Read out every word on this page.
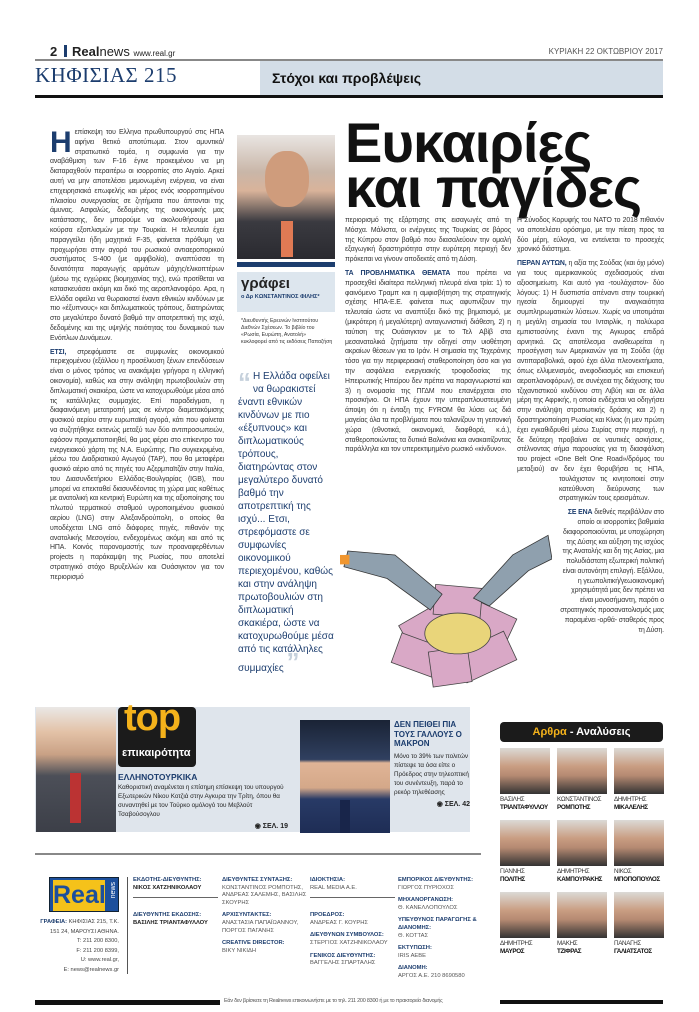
2 Realnews www.real.gr	ΚΥΡΙΑΚΗ 22 ΟΚΤΩΒΡΙΟΥ 2017
ΚΗΦΙΣΙΑΣ 215	Στόχοι και προβλέψεις

Ηεπίσκεψη του Ελληνα πρωθυπουργού στις ΗΠΑ αφήνει θετικό αποτύπωμα. Στον αμυντικό/στρατιωτικό τομέα, η συμφωνία για την αναβάθμιση των F-16 έγινε προκειμένου να μη διαταραχθούν περαιτέρω οι ισορροπίες στο Αιγαίο. Αρκεί αυτή να μην αποτελέσει μεμονωμένη ενέργεια, να είναι επιχειρησιακά επωφελής και μέρος ενός ισορροπημένου πλαισίου συνεργασίας σε ζητήματα που άπτονται της άμυνας. Ασφαλώς, δεδομένης της οικονομικής μας κατάστασης, δεν μπορούμε να ακολουθήσουμε μια κούρσα εξοπλισμών με την Τουρκία. Η τελευταία έχει παραγγείλει ήδη μαχητικά F-35, φαίνεται πρόθυμη να προχωρήσει στην αγορά του ρωσικού αντιαεροπορικού συστήματος S-400 (με αμφιβολία), αναπτύσσει τη δυνατότητα παραγωγής αρμάτων μάχης/ελικοπτέρων (μέσω της εγχώριας βιομηχανίας της), ενώ προτίθεται να κατασκευάσει ακόμη και δικό της αεροπλανοφόρο. Αρα, η Ελλάδα οφείλει να θωρακιστεί έναντι εθνικών κινδύνων με πιο «έξυπνους» και διπλωματικούς τρόπους, διατηρώντας στο μεγαλύτερο δυνατό βαθμό την αποτρεπτική της ισχύ, δεδομένης και της υψηλής ποιότητας του δυναμικού των Ενόπλων Δυνάμεων.

ΕΤΣΙ, στρεφόμαστε σε συμφωνίες οικονομικού περιεχομένου (εξάλλου η προσέλκυση ξένων επενδύσεων είναι ο μόνος τρόπος να ανακάμψει γρήγορα η ελληνική οικονομία), καθώς και στην ανάληψη πρωτοβουλιών στη διπλωματική σκακιέρα, ώστε να κατοχυρωθούμε μέσα από τις κατάλληλες συμμαχίες. Επί παραδείγματι, η διαφαινόμενη μετατροπή μας σε κέντρο διαμετακόμισης φυσικού αερίου στην ευρωπαϊκή αγορά, κάτι που φαίνεται να συζητήθηκε εκτενώς μεταξύ των δύο αντιπροσωπειών, εφόσον πραγματοποιηθεί, θα μας φέρει στο επίκεντρο του ενεργειακού χάρτη της Ν.Α. Ευρώπης. Πιο συγκεκριμένα, μέσω του Διαδριατικού Αγωγού (TAP), που θα μεταφέρει φυσικό αέριο από τις πηγές του Αζερμπαϊτζάν στην Ιταλία, του Διασυνδετήριου Ελλάδας-Βουλγαρίας (IGB), που μπορεί να επεκταθεί διασυνδέοντας τη χώρα μας καθέτως με ανατολική και κεντρική Ευρώπη και της αξιοποίησης του πλωτού τερματικού σταθμού υγροποιημένου φυσικού αερίου (LNG) στην Αλεξανδρούπολη, ο οποίος θα υποδέχεται LNG από διάφορες πηγές, πιθανόν της ανατολικής Μεσογείου, ενδεχομένως ακόμη και από τις ΗΠΑ. Κοινός παρονομαστής των προαναφερθέντων projects η παράκαμψη της Ρωσίας, που αποτελεί στρατηγικό στόχο Βρυξελλών και Ουάσιγκτον για τον περιορισμό

γράφει
ο Δρ ΚΩΝΣΤΑΝΤΙΝΟΣ ΦΙΛΗΣ*
*Διευθυντής Ερευνών Ινστιτούτου Διεθνών Σχέσεων. Το βιβλίο του «Ρωσία, Ευρώπη, Ανατολή» κυκλοφορεί από τις εκδόσεις Παπαζήση
“ Η Ελλάδα οφείλει να θωρακιστεί έναντι εθνικών κινδύνων με πιο «έξυπνους» και διπλωματικούς τρόπους, διατηρώντας στον μεγαλύτερο δυνατό βαθμό την αποτρεπτική της ισχύ... Ετσι, στρεφόμαστε σε συμφωνίες οικονομικού περιεχομένου, καθώς και στην ανάληψη πρωτοβουλιών στη διπλωματική σκακιέρα, ώστε να κατοχυρωθούμε μέσα από τις κατάλληλες συμμαχίες ”
Ευκαιρίες
και παγίδες

περιορισμό της εξάρτησης στις εισαγωγές από τη Μόσχα. Μάλιστα, οι ενέργειες της Τουρκίας σε βάρος της Κύπρου στον βαθμό που διασαλεύουν την ομαλή εξαγωγική δραστηριότητα στην ευρύτερη περιοχή δεν πρόκειται να γίνουν αποδεκτές από τη Δύση.

ΤΑ ΠΡΟΒΛΗΜΑΤΙΚΑ ΘΕΜΑΤΑ που πρέπει να προσεχθεί ιδιαίτερα πελληνική πλευρά είναι τρία: 1) το φαινόμενο Τραμπ και η αμφισβήτηση της στρατηγικής σχέσης ΗΠΑ-Ε.Ε. φαίνεται πως αφυπνίζουν την τελευταία ώστε να αναπτύξει δικό της βηματισμό, με (μικρότερη ή μεγαλύτερη) ανταγωνιστική διάθεση, 2) η ταύτιση της Ουάσιγκτον με το Τελ Αβίβ στα μεσανατολικά ζητήματα την οδηγεί στην υιοθέτηση ακραίων θέσεων για το Ιράν. Η σημασία της Τεχεράνης τόσο για την περιφερειακή σταθεροποίηση όσο και για την ασφάλεια ενεργειακής τροφοδοσίας της Ηπειρωτικής Ηπείρου δεν πρέπει να παραγνωριστεί και 3) η ονομασία της ΠΓΔΜ που επανέρχεται στο προσκήνιο. Οι ΗΠΑ έχουν την υπεραπλουστευμένη άποψη ότι η ένταξη της FYROM θα λύσει ως διά μαγείας όλα τα προβλήματα που ταλανίζουν τη γειτονική χώρα (εθνοτικά, οικονομικά, διαφθορά, κ.ά.), σταθεροποιώντας τα δυτικά Βαλκάνια και ανακαιτίζοντας παράλληλα και τον υπερεκτιμημένο ρωσικό «κίνδυνο».

Η Σύνοδος Κορυφής του ΝΑΤΟ το 2018 πιθανόν να αποτελέσει ορόσημο, με την πίεση προς τα δύο μέρη, εύλογα, να εντείνεται το προσεχές χρονικό διάστημα.

ΠΕΡΑΝ ΑΥΤΩΝ, η αξία της Σούδας (και όχι μόνο) για τους αμερικανικούς σχεδιασμούς είναι αξιοσημείωτη. Και αυτό για -τουλάχιστον- δύο λόγους: 1) Η δυσπιστία απέναντι στην τουρκική ηγεσία δημιουργεί την αναγκαιότητα συμπληρωματικών λύσεων. Χωρίς να υποτιμάται η μεγάλη σημασία του Ιντσιρλίκ, η πολύωρα εμπιστοσύνης έναντι της Αγκυρας επιδρά αρνητικά. Ως αποτέλεσμα αναθεωρείται η προσέγγιση των Αμερικανών για τη Σούδα (όχι αντιπαραβολικά, αφού έχει άλλα πλεονεκτήματα, όπως ελλιμενισμός, ανεφοδιασμός και επισκευή αεροπλανοφόρων), σε συνέχεια της διάχυσης του τζιχαντιστικού κινδύνου στη Λιβύη και σε άλλα μέρη της Αφρικής, η οποία ενδέχεται να οδηγήσει στην ανάληψη στρατιωτικής δράσης και 2) η δραστηριοποίηση Ρωσίας και Κίνας (η μεν πρώτη έχει εγκαθιδρυθεί μέσω Συρίας στην περιοχή, η δε δεύτερη προβαίνει σε ναυτικές ασκήσεις, στέλνοντας σήμα παρουσίας για τη διασφάλιση του project «One Belt One Road»/δρόμος του μεταξιού) αν δεν έχει θορυβήσει τις ΗΠΑ, τουλάχιστον τις κινητοποιεί στην κατεύθυνση διεύρυνσης των στρατηγικών τους ερεισμάτων.

ΣΕ ΕΝΑ διεθνές περιβάλλον στο οποίο οι ισορροπίες βαθμιαία διαφοροποιούνται, με υποχώρηση της Δύσης και αύξηση της ισχύος της Ανατολής και δη της Ασίας, μια πολυδιάστατη εξωτερική πολιτική είναι αυτονόητη επιλογή. Εξάλλου, η γεωπολιτική/γεωοικονομική χρησιμότητά μας δεν πρέπει να είναι μονοσήμαντη, παρότι ο στρατηγικός προσανατολισμός μας παραμένει -ορθά- σταθερός προς τη Δύση.

top
επικαιρότητα
ΕΛΛΗΝΟΤΟΥΡΚΙΚΑ
Καθοριστική αναμένεται η επίσημη επίσκεψη του υπουργού Εξωτερικών Νίκου Κοτζιά στην Αγκυρα την Τρίτη, όπου θα συναντηθεί με τον Τούρκο ομόλογό του Μεβλούτ Τσαβούσογλου
◉ ΣΕΛ. 19
ΔΕΝ ΠΕΙΘΕΙ ΠΙΑ ΤΟΥΣ ΓΑΛΛΟΥΣ Ο ΜΑΚΡΟΝ
Μόνο το 39% των πολιτών πίστεψε τα όσα είπε ο Πρόεδρος στην τηλεοπτική του συνέντευξη, παρά το ρεκόρ τηλεθέασης
◉ ΣΕΛ. 42
Αρθρα - Αναλύσεις
ΒΑΣΙΛΗΣ
ΤΡΙΑΝΤΑΦΥΛΛΟΥ
ΚΩΝΣΤΑΝΤΙΝΟΣ
ΡΟΜΠΟΤΗΣ
ΔΗΜΗΤΡΗΣ
ΜΙΚΑΛΕΛΗΣ
ΓΙΑΝΝΗΣ
ΠΟΛΙΤΗΣ
ΔΗΜΗΤΡΗΣ
ΚΑΜΠΟΥΡΑΚΗΣ
ΝΙΚΟΣ
ΜΠΟΠΟΠΟΥΛΟΣ
ΔΗΜΗΤΡΗΣ
ΜΑΥΡΟΣ
ΜΑΚΗΣ
ΤΖΙΦΡΑΣ
ΠΑΝΑΓΗΣ
ΓΑΛΙΑΤΣΑΤΟΣ
Real news
ΓΡΑΦΕΙΑ: ΚΗΦΙΣΙΑΣ 215, Τ.Κ. 151 24, ΜΑΡΟΥΣΙ ΑΘΗΝΑ.
T: 211 200 8300,
F: 211 200 8399,
U: www.real.gr,
E: news@realnews.gr
ΕΚΔΟΤΗΣ-ΔΙΕΥΘΥΝΤΗΣ:
ΝΙΚΟΣ ΧΑΤΖΗΝΙΚΟΛΑΟΥ
ΔΙΕΥΘΥΝΤΗΣ ΕΚΔΟΣΗΣ:
ΒΑΣΙΛΗΣ ΤΡΙΑΝΤΑΦΥΛΛΟΥ
ΔΙΕΥΘΥΝΤΕΣ ΣΥΝΤΑΞΗΣ:
ΚΩΝΣΤΑΝΤΙΝΟΣ ΡΟΜΠΟΤΗΣ, ΑΝΔΡΕΑΣ ΣΑΛΕΜΗΣ, ΒΑΣΙΛΗΣ ΣΚΟΥΡΗΣ
ΑΡΧΙΣΥΝΤΑΚΤΕΣ:
ΑΝΑΣΤΑΣΙΑ ΠΑΠΑΪΩΑΝΝΟΥ, ΠΟΡΓΟΣ ΠΑΓΑΝΗΣ
CREATIVE DIRECTOR:
ΒΙΚΥ ΝΙΚΙΔΗ
ΙΔΙΟΚΤΗΣΙΑ:
REAL MEDIA A.E.
ΠΡΟΕΔΡΟΣ:
ΑΝΔΡΕΑΣ Γ. ΚΟΥΡΗΣ
ΔΙΕΥΘΥΝΩΝ ΣΥΜΒΟΥΛΟΣ:
ΣΤΕΡΓΙΟΣ ΧΑΤΖΗΝΙΚΟΛΑΟΥ
ΓΕΝΙΚΟΣ ΔΙΕΥΘΥΝΤΗΣ:
ΒΑΓΓΕΛΗΣ ΣΠΑΡΤΑΛΗΣ
ΕΜΠΟΡΙΚΟΣ ΔΙΕΥΘΥΝΤΗΣ:
ΓΙΩΡΓΟΣ ΠΥΡΙΟΧΟΣ
ΜΗΧΑΝΟΡΓΑΝΩΣΗ:
Θ. ΚΑΝΕΛΛΟΠΟΥΛΟΣ
ΥΠΕΥΘΥΝΟΣ ΠΑΡΑΓΩΓΗΣ & ΔΙΑΝΟΜΗΣ:
Θ. ΚΟΤΤΑΣ
ΕΚΤΥΠΩΣΗ:
IRIS AEBE
ΔΙΑΝΟΜΗ:
ΑΡΓΟΣ Α.Ε. 210 8690580
Εάν δεν βρίσκετε τη Realnews επικοινωνήστε με το τηλ. 211 200 8300 ή με το πρακτορείο διανομής
